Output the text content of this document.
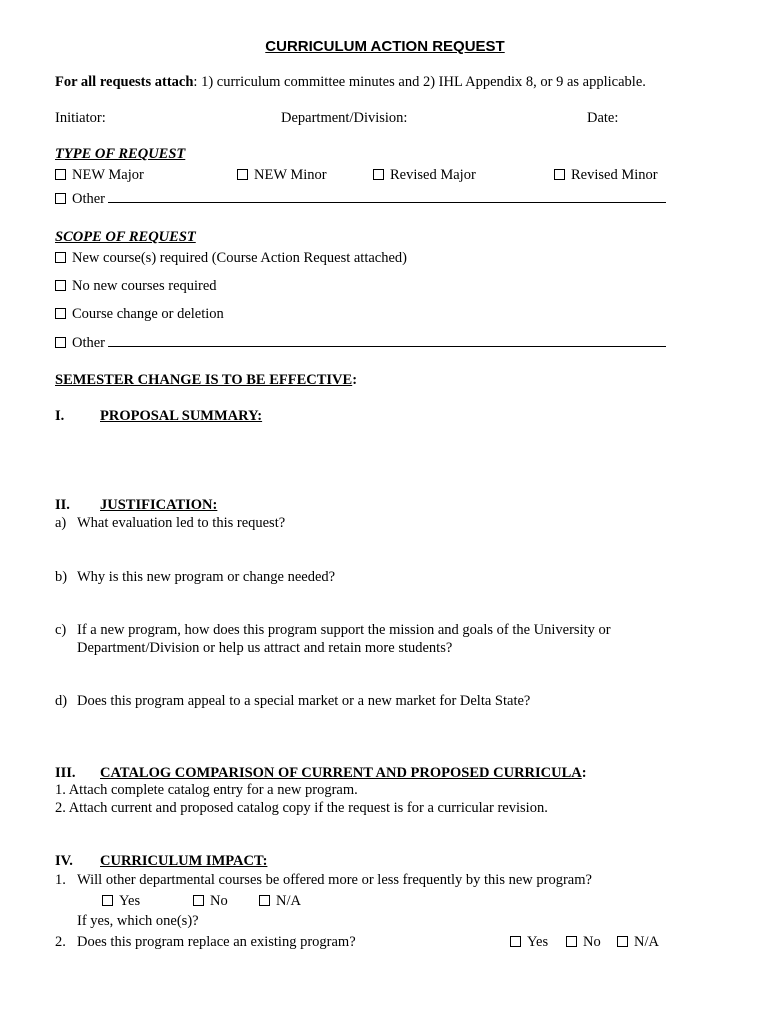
CURRICULUM ACTION REQUEST
For all requests attach: 1) curriculum committee minutes and 2) IHL Appendix 8, or 9 as applicable.
Initiator:	Department/Division:	Date:
TYPE OF REQUEST
NEW Major	NEW Minor	Revised Major	Revised Minor
Other
SCOPE OF REQUEST
New course(s) required (Course Action Request attached)
No new courses required
Course change or deletion
Other
SEMESTER CHANGE IS TO BE EFFECTIVE:
I. PROPOSAL SUMMARY:
II. JUSTIFICATION:
a) What evaluation led to this request?
b) Why is this new program or change needed?
c) If a new program, how does this program support the mission and goals of the University or
Department/Division or help us attract and retain more students?
d) Does this program appeal to a special market or a new market for Delta State?
III. CATALOG COMPARISON OF CURRENT AND PROPOSED CURRICULA:
1. Attach complete catalog entry for a new program.
2. Attach current and proposed catalog copy if the request is for a curricular revision.
IV. CURRICULUM IMPACT:
1. Will other departmental courses be offered more or less frequently by this new program?
Yes	No	N/A
If yes, which one(s)?
2. Does this program replace an existing program?	Yes	No	N/A
